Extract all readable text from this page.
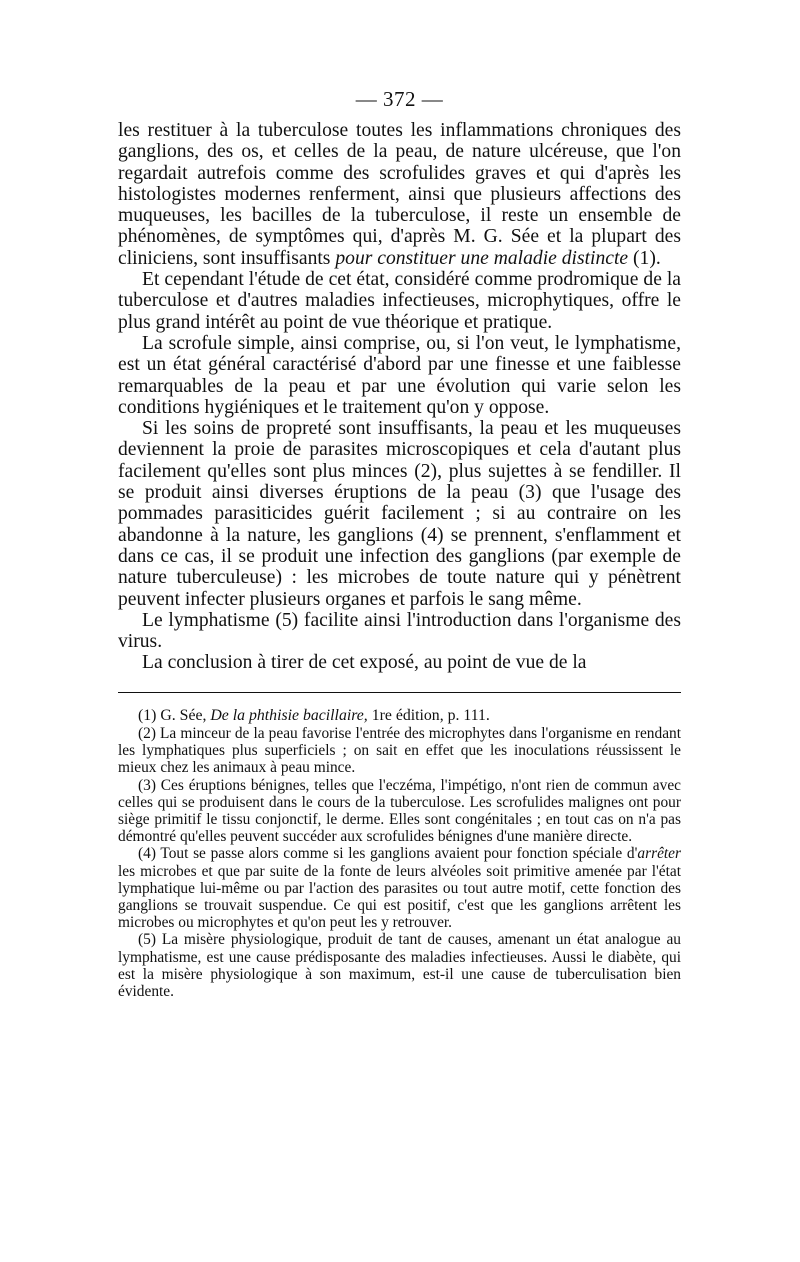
— 372 —

les restituer à la tuberculose toutes les inflammations chroniques des ganglions, des os, et celles de la peau, de nature ulcéreuse, que l'on regardait autrefois comme des scrofulides graves et qui d'après les histologistes modernes renferment, ainsi que plusieurs affections des muqueuses, les bacilles de la tuberculose, il reste un ensemble de phénomènes, de symptômes qui, d'après M. G. Sée et la plupart des cliniciens, sont insuffisants pour constituer une maladie distincte (1).

Et cependant l'étude de cet état, considéré comme prodromique de la tuberculose et d'autres maladies infectieuses, microphytiques, offre le plus grand intérêt au point de vue théorique et pratique.

La scrofule simple, ainsi comprise, ou, si l'on veut, le lymphatisme, est un état général caractérisé d'abord par une finesse et une faiblesse remarquables de la peau et par une évolution qui varie selon les conditions hygiéniques et le traitement qu'on y oppose.

Si les soins de propreté sont insuffisants, la peau et les muqueuses deviennent la proie de parasites microscopiques et cela d'autant plus facilement qu'elles sont plus minces (2), plus sujettes à se fendiller. Il se produit ainsi diverses éruptions de la peau (3) que l'usage des pommades parasiticides guérit facilement ; si au contraire on les abandonne à la nature, les ganglions (4) se prennent, s'enflamment et dans ce cas, il se produit une infection des ganglions (par exemple de nature tuberculeuse) : les microbes de toute nature qui y pénètrent peuvent infecter plusieurs organes et parfois le sang même.

Le lymphatisme (5) facilite ainsi l'introduction dans l'organisme des virus.

La conclusion à tirer de cet exposé, au point de vue de la

(1) G. Sée, De la phthisie bacillaire, 1re édition, p. 111.

(2) La minceur de la peau favorise l'entrée des microphytes dans l'organisme en rendant les lymphatiques plus superficiels ; on sait en effet que les inoculations réussissent le mieux chez les animaux à peau mince.

(3) Ces éruptions bénignes, telles que l'eczéma, l'impétigo, n'ont rien de commun avec celles qui se produisent dans le cours de la tuberculose. Les scrofulides malignes ont pour siège primitif le tissu conjonctif, le derme. Elles sont congénitales ; en tout cas on n'a pas démontré qu'elles peuvent succéder aux scrofulides bénignes d'une manière directe.

(4) Tout se passe alors comme si les ganglions avaient pour fonction spéciale d'arrêter les microbes et que par suite de la fonte de leurs alvéoles soit primitive amenée par l'état lymphatique lui-même ou par l'action des parasites ou tout autre motif, cette fonction des ganglions se trouvait suspendue. Ce qui est positif, c'est que les ganglions arrêtent les microbes ou microphytes et qu'on peut les y retrouver.

(5) La misère physiologique, produit de tant de causes, amenant un état analogue au lymphatisme, est une cause prédisposante des maladies infectieuses. Aussi le diabète, qui est la misère physiologique à son maximum, est-il une cause de tuberculisation bien évidente.
